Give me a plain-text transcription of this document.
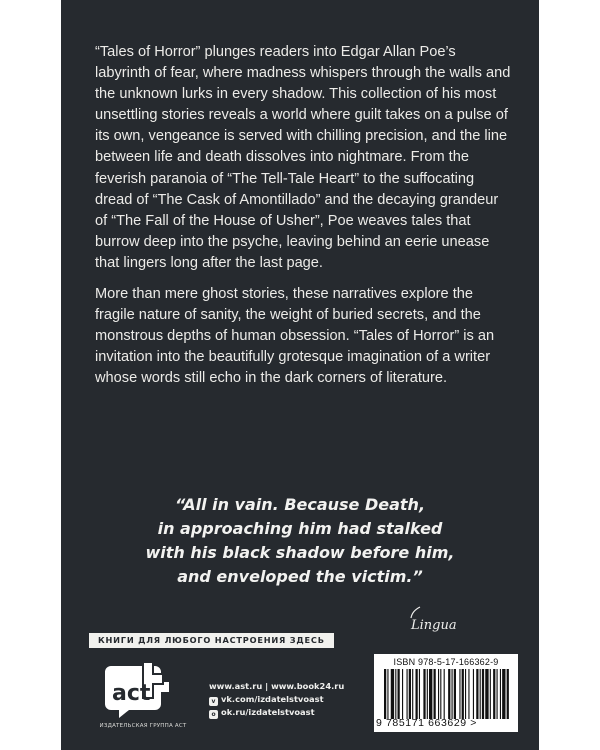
“Tales of Horror” plunges readers into Edgar Allan Poe’s labyrinth of fear, where madness whispers through the walls and the unknown lurks in every shadow. This collection of his most unsettling stories reveals a world where guilt takes on a pulse of its own, vengeance is served with chilling precision, and the line between life and death dissolves into nightmare. From the feverish paranoia of “The Tell-Tale Heart” to the suffocating dread of “The Cask of Amontillado” and the decaying grandeur of “The Fall of the House of Usher”, Poe weaves tales that burrow deep into the psyche, leaving behind an eerie unease that lingers long after the last page.

More than mere ghost stories, these narratives explore the fragile nature of sanity, the weight of buried secrets, and the monstrous depths of human obsession. “Tales of Horror” is an invitation into the beautifully grotesque imagination of a writer whose words still echo in the dark corners of literature.

“All in vain. Because Death,
in approaching him had stalked
with his black shadow before him,
and enveloped the victim.”
КНИГИ ДЛЯ ЛЮБОГО НАСТРОЕНИЯ ЗДЕСЬ
Lingua
act
ИЗДАТЕЛЬСКАЯ ГРУППА АСТ
www.ast.ru | www.book24.ru
v vk.com/izdatelstvoast
o ok.ru/izdatelstvoast
ISBN 978-5-17-166362-9
9 785171 663629 >
